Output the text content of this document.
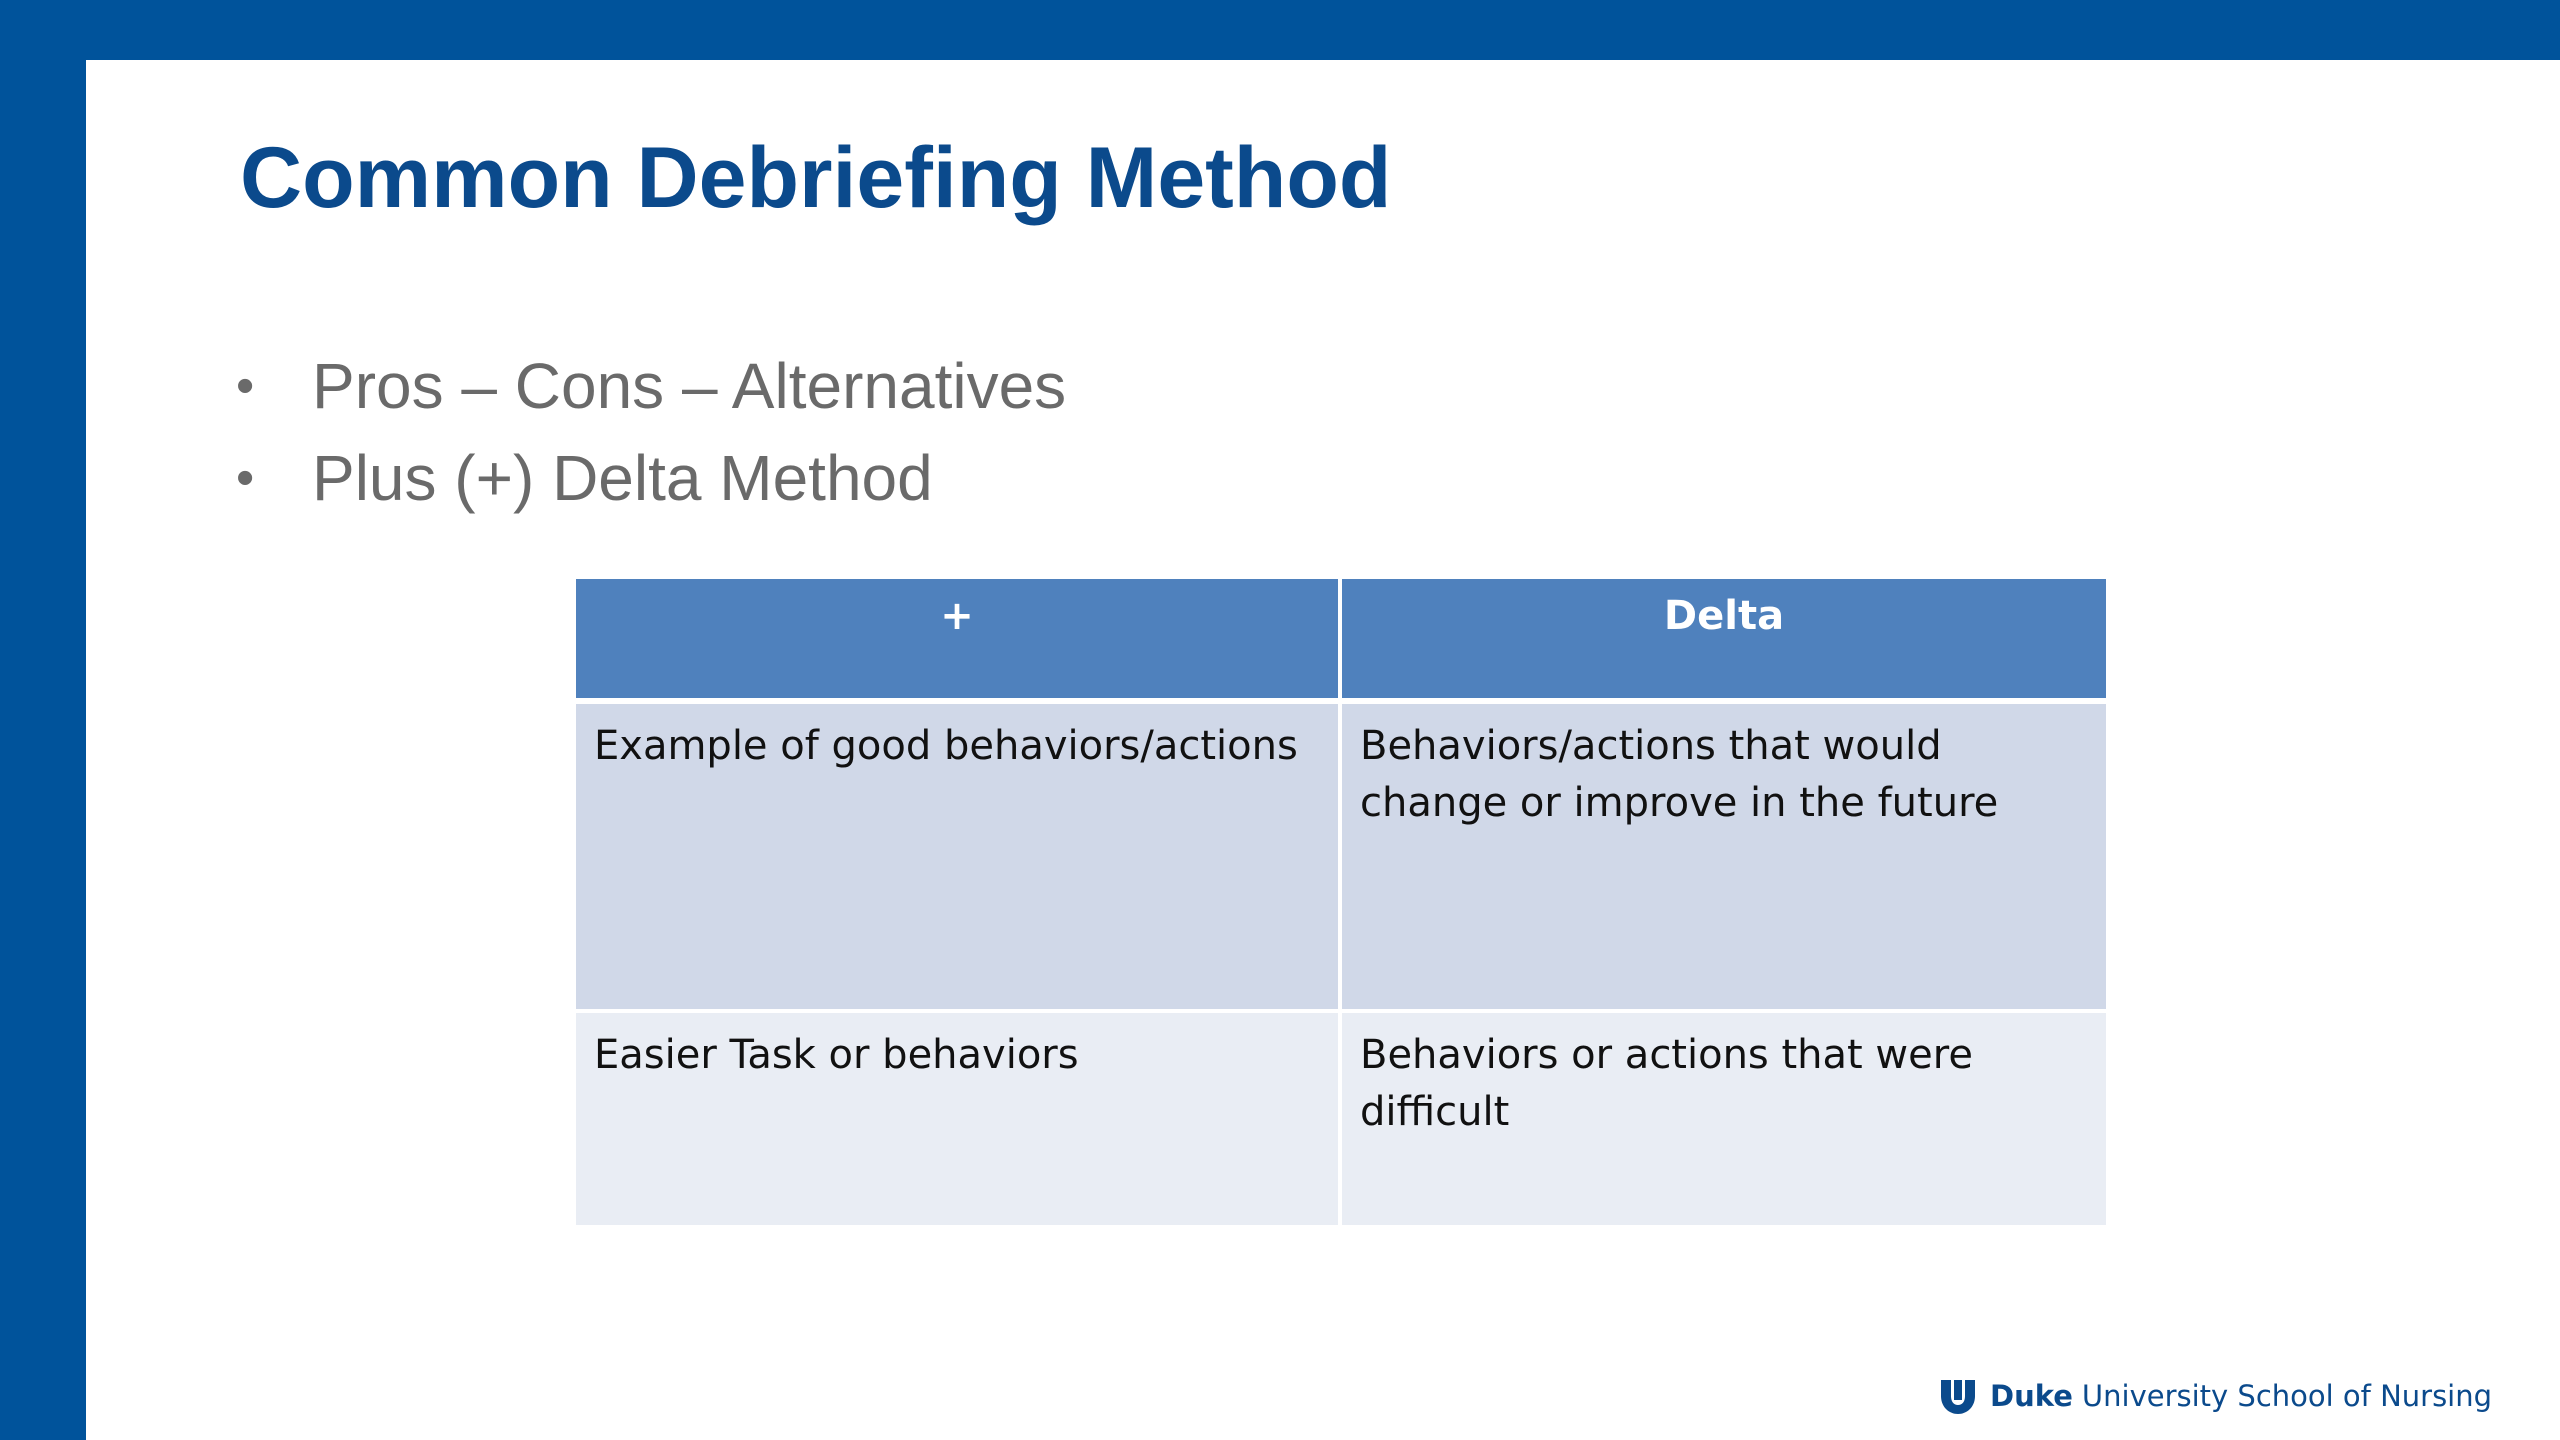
Common Debriefing Method
• Pros – Cons – Alternatives
• Plus (+) Delta Method
+	Delta
Example of good behaviors/actions	Behaviors/actions that would change or improve in the future
Easier Task or behaviors	Behaviors or actions that were difficult
Duke University School of Nursing
